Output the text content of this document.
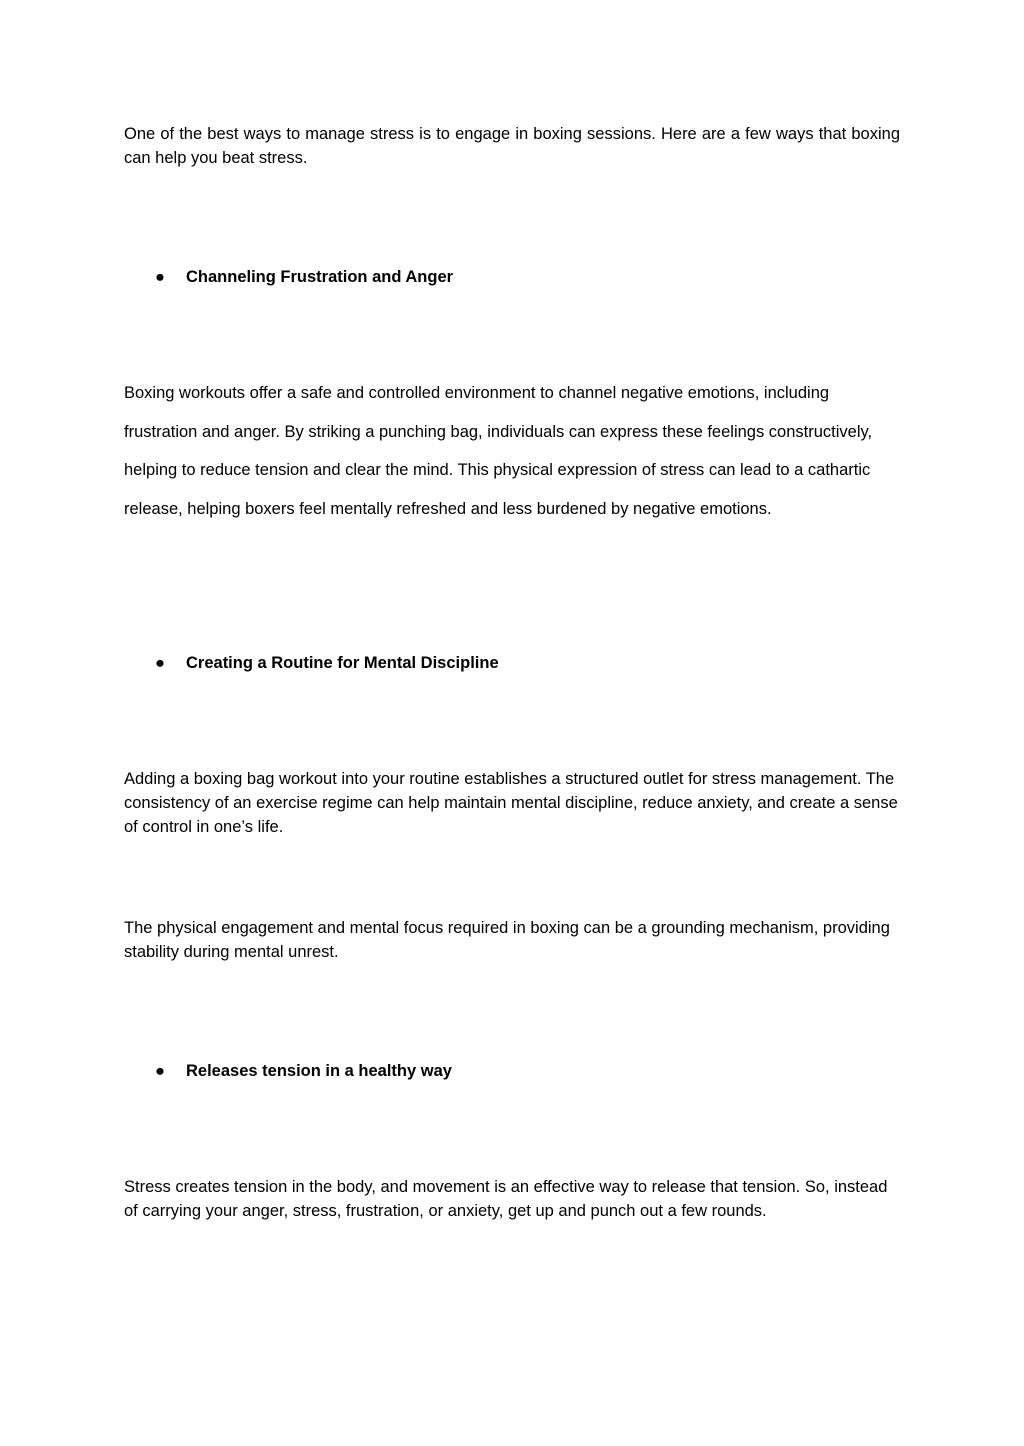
One of the best ways to manage stress is to engage in boxing sessions. Here are a few ways that boxing can help you beat stress.

● Channeling Frustration and Anger

Boxing workouts offer a safe and controlled environment to channel negative emotions, including frustration and anger. By striking a punching bag, individuals can express these feelings constructively, helping to reduce tension and clear the mind. This physical expression of stress can lead to a cathartic release, helping boxers feel mentally refreshed and less burdened by negative emotions.

● Creating a Routine for Mental Discipline

Adding a boxing bag workout into your routine establishes a structured outlet for stress management. The consistency of an exercise regime can help maintain mental discipline, reduce anxiety, and create a sense of control in one’s life.

The physical engagement and mental focus required in boxing can be a grounding mechanism, providing stability during mental unrest.

● Releases tension in a healthy way

Stress creates tension in the body, and movement is an effective way to release that tension. So, instead of carrying your anger, stress, frustration, or anxiety, get up and punch out a few rounds.
